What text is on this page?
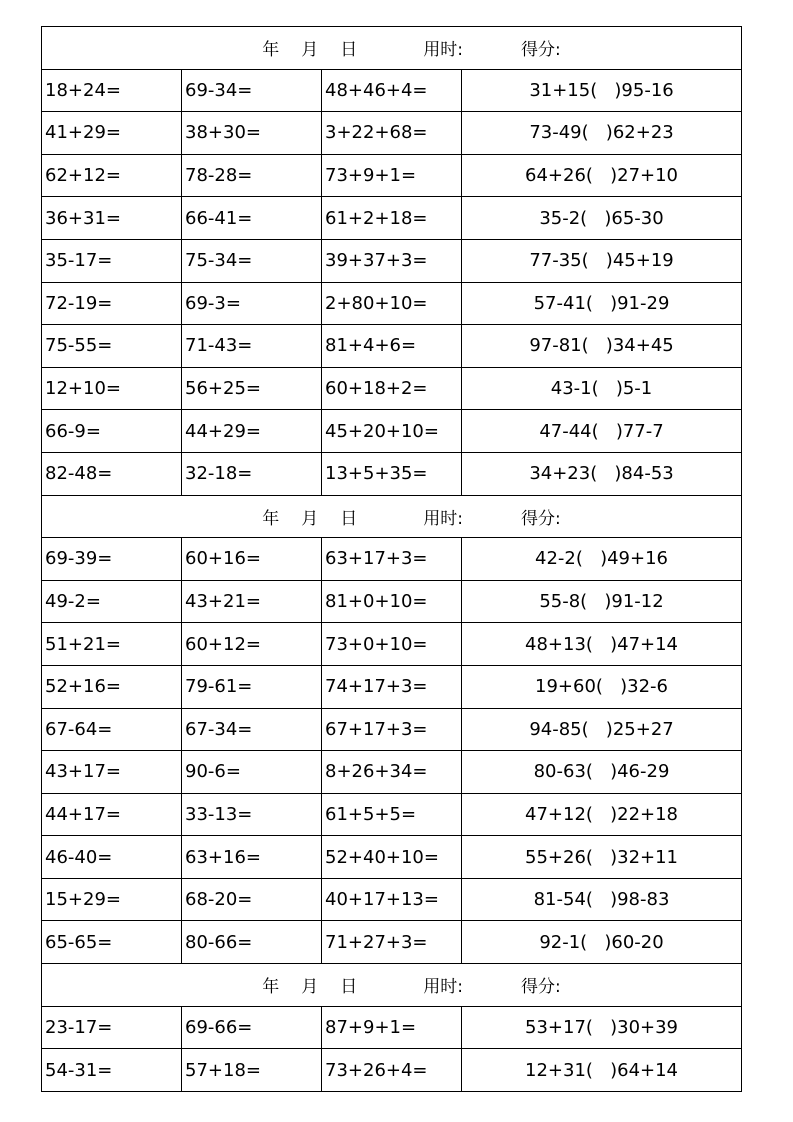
年 月 日 用时: 得分:			
18+24=	69-34=	48+46+4=	31+15(   )95-16
41+29=	38+30=	3+22+68=	73-49(   )62+23
62+12=	78-28=	73+9+1=	64+26(   )27+10
36+31=	66-41=	61+2+18=	35-2(   )65-30
35-17=	75-34=	39+37+3=	77-35(   )45+19
72-19=	69-3=	2+80+10=	57-41(   )91-29
75-55=	71-43=	81+4+6=	97-81(   )34+45
12+10=	56+25=	60+18+2=	43-1(   )5-1
66-9=	44+29=	45+20+10=	47-44(   )77-7
82-48=	32-18=	13+5+35=	34+23(   )84-53
年 月 日 用时: 得分:			
69-39=	60+16=	63+17+3=	42-2(   )49+16
49-2=	43+21=	81+0+10=	55-8(   )91-12
51+21=	60+12=	73+0+10=	48+13(   )47+14
52+16=	79-61=	74+17+3=	19+60(   )32-6
67-64=	67-34=	67+17+3=	94-85(   )25+27
43+17=	90-6=	8+26+34=	80-63(   )46-29
44+17=	33-13=	61+5+5=	47+12(   )22+18
46-40=	63+16=	52+40+10=	55+26(   )32+11
15+29=	68-20=	40+17+13=	81-54(   )98-83
65-65=	80-66=	71+27+3=	92-1(   )60-20
年 月 日 用时: 得分:			
23-17=	69-66=	87+9+1=	53+17(   )30+39
54-31=	57+18=	73+26+4=	12+31(   )64+14
